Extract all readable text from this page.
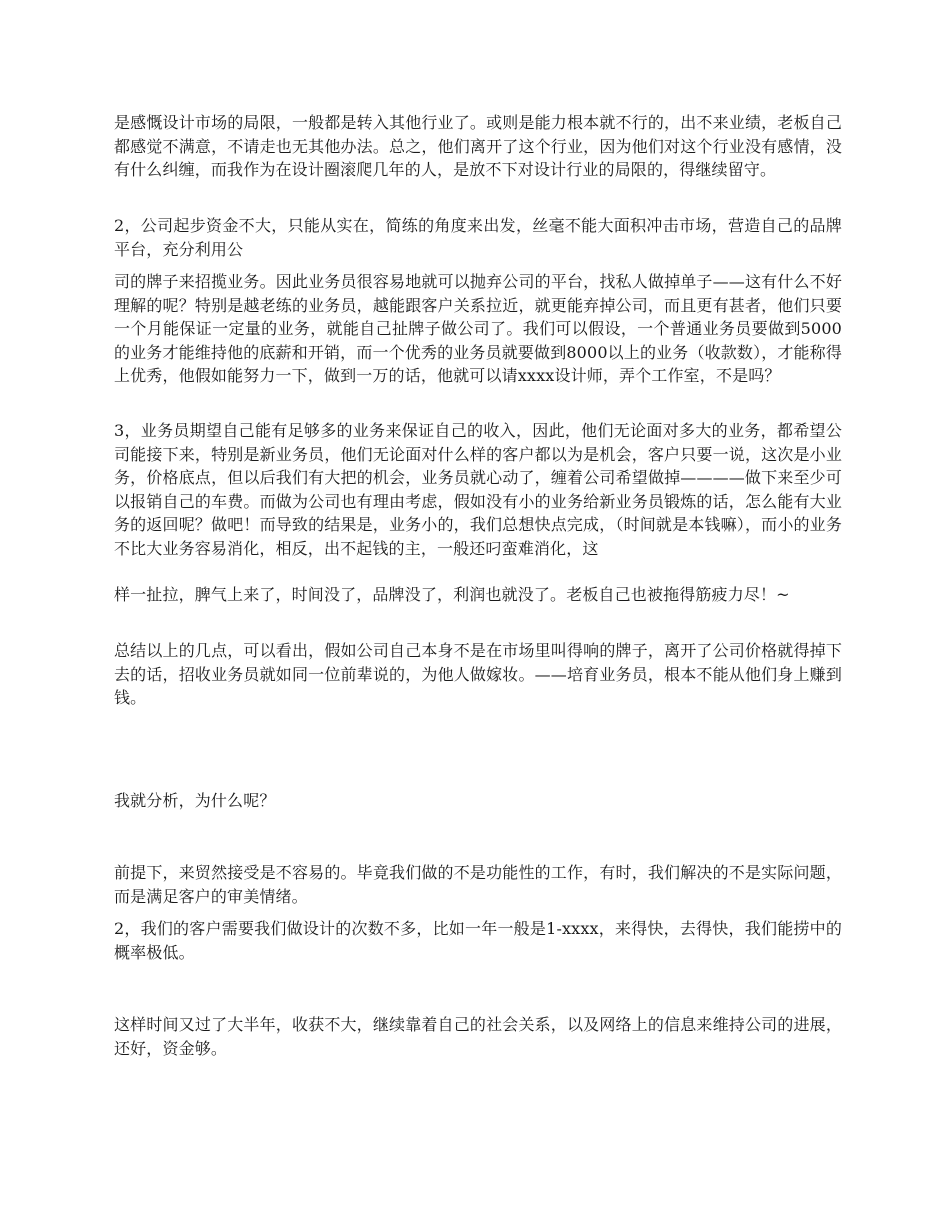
是感慨设计市场的局限，一般都是转入其他行业了。或则是能力根本就不行的，出不来业绩，老板自己都感觉不满意，不请走也无其他办法。总之，他们离开了这个行业，因为他们对这个行业没有感情，没有什么纠缠，而我作为在设计圈滚爬几年的人，是放不下对设计行业的局限的，得继续留守。

2，公司起步资金不大，只能从实在，简练的角度来出发，丝毫不能大面积冲击市场，营造自己的品牌平台，充分利用公

司的牌子来招揽业务。因此业务员很容易地就可以抛弃公司的平台，找私人做掉单子——这有什么不好理解的呢？特别是越老练的业务员，越能跟客户关系拉近，就更能弃掉公司，而且更有甚者，他们只要一个月能保证一定量的业务，就能自己扯牌子做公司了。我们可以假设，一个普通业务员要做到5000的业务才能维持他的底薪和开销，而一个优秀的业务员就要做到8000以上的业务（收款数），才能称得上优秀，他假如能努力一下，做到一万的话，他就可以请xxxx设计师，弄个工作室，不是吗？

3，业务员期望自己能有足够多的业务来保证自己的收入，因此，他们无论面对多大的业务，都希望公司能接下来，特别是新业务员，他们无论面对什么样的客户都以为是机会，客户只要一说，这次是小业务，价格底点，但以后我们有大把的机会，业务员就心动了，缠着公司希望做掉————做下来至少可以报销自己的车费。而做为公司也有理由考虑，假如没有小的业务给新业务员锻炼的话，怎么能有大业务的返回呢？做吧！而导致的结果是，业务小的，我们总想快点完成，（时间就是本钱嘛），而小的业务不比大业务容易消化，相反，出不起钱的主，一般还叼蛮难消化，这

样一扯拉，脾气上来了，时间没了，品牌没了，利润也就没了。老板自己也被拖得筋疲力尽！~

总结以上的几点，可以看出，假如公司自己本身不是在市场里叫得响的牌子，离开了公司价格就得掉下去的话，招收业务员就如同一位前辈说的，为他人做嫁妆。——培育业务员，根本不能从他们身上赚到钱。

我就分析，为什么呢？

前提下，来贸然接受是不容易的。毕竟我们做的不是功能性的工作，有时，我们解决的不是实际问题，而是满足客户的审美情绪。

2，我们的客户需要我们做设计的次数不多，比如一年一般是1-xxxx，来得快，去得快，我们能捞中的概率极低。

这样时间又过了大半年，收获不大，继续靠着自己的社会关系，以及网络上的信息来维持公司的进展，还好，资金够。
